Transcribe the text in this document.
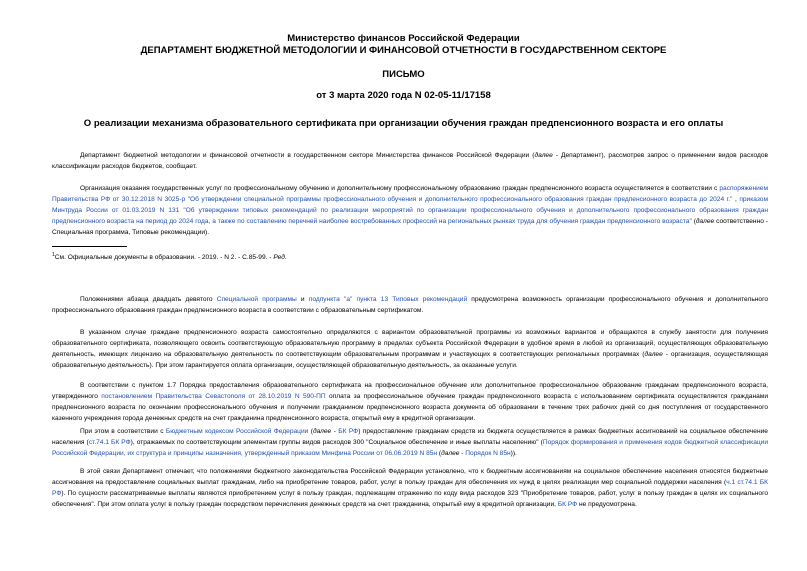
Министерство финансов Российской Федерации
ДЕПАРТАМЕНТ БЮДЖЕТНОЙ МЕТОДОЛОГИИ И ФИНАНСОВОЙ ОТЧЕТНОСТИ В ГОСУДАРСТВЕННОМ СЕКТОРЕ
ПИСЬМО
от 3 марта 2020 года N 02-05-11/17158
О реализации механизма образовательного сертификата при организации обучения граждан предпенсионного возраста и его оплаты
Департамент бюджетной методологии и финансовой отчетности в государственном секторе Министерства финансов Российской Федерации (далее - Департамент), рассмотрев запрос о применении видов расходов классификации расходов бюджетов, сообщает.
Организация оказания государственных услуг по профессиональному обучению и дополнительному профессиональному образованию граждан предпенсионного возраста осуществляется в соответствии с распоряжением Правительства РФ от 30.12.2018 N 3025-р "Об утверждении специальной программы профессионального обучения и дополнительного профессионального образования граждан предпенсионного возраста до 2024 г." , приказом Минтруда России от 01.03.2019 N 131 "Об утверждении типовых рекомендаций по реализации мероприятий по организации профессионального обучения и дополнительного профессионального образования граждан предпенсионного возраста на период до 2024 года, а также по составлению перечней наиболее востребованных профессий на региональных рынках труда для обучения граждан предпенсионного возраста" (далее соответственно - Специальная программа, Типовые рекомендации).
$^1$См. Официальные документы в образовании. - 2019. - N 2. - С.85-99. - Ред.
Положениями абзаца двадцать девятого Специальной программы и подпункта "а" пункта 13 Типовых рекомендаций предусмотрена возможность организации профессионального обучения и дополнительного профессионального образования граждан предпенсионного возраста в соответствии с образовательным сертификатом.
В указанном случае граждане предпенсионного возраста самостоятельно определяются с вариантом образовательной программы из возможных вариантов и обращаются в службу занятости для получения образовательного сертификата, позволяющего освоить соответствующую образовательную программу в пределах субъекта Российской Федерации в удобное время в любой из организаций, осуществляющих образовательную деятельность, имеющих лицензию на образовательную деятельность по соответствующим образовательным программам и участвующих в соответствующих региональных программах (далее - организация, осуществляющая образовательную деятельность). При этом гарантируется оплата организации, осуществляющей образовательную деятельность, за оказанные услуги.
В соответствии с пунктом 1.7 Порядка предоставления образовательного сертификата на профессиональное обучение или дополнительное профессиональное образование гражданам предпенсионного возраста, утвержденного постановлением Правительства Севастополя от 28.10.2019 N 590-ПП оплата за профессиональное обучение граждан предпенсионного возраста с использованием сертификата осуществляется гражданами предпенсионного возраста по окончании профессионального обучения и получении гражданином предпенсионного возраста документа об образовании в течение трех рабочих дней со дня поступления от государственного казенного учреждения города денежных средств на счет гражданина предпенсионного возраста, открытый ему в кредитной организации.
При этом в соответствии с Бюджетным кодексом Российской Федерации (далее - БК РФ) предоставление гражданам средств из бюджета осуществляется в рамках бюджетных ассигнований на социальное обеспечение населения (ст.74.1 БК РФ), отражаемых по соответствующим элементам группы видов расходов 300 "Социальное обеспечение и иные выплаты населению" (Порядок формирования и применения кодов бюджетной классификации Российской Федерации, их структура и принципы назначения, утвержденный приказом Минфина России от 06.06.2019 N 85н (далее - Порядок N 85н)).
В этой связи Департамент отмечает, что положениями бюджетного законодательства Российской Федерации установлено, что к бюджетным ассигнованиям на социальное обеспечение населения относятся бюджетные ассигнования на предоставление социальных выплат гражданам, либо на приобретение товаров, работ, услуг в пользу граждан для обеспечения их нужд в целях реализации мер социальной поддержки населения (ч.1 ст.74.1 БК РФ). По сущности рассматриваемые выплаты являются приобретением услуг в пользу граждан, подлежащим отражению по коду вида расходов 323 "Приобретение товаров, работ, услуг в пользу граждан в целях их социального обеспечения". При этом оплата услуг в пользу граждан посредством перечисления денежных средств на счет гражданина, открытый ему в кредитной организации, БК РФ не предусмотрена.
